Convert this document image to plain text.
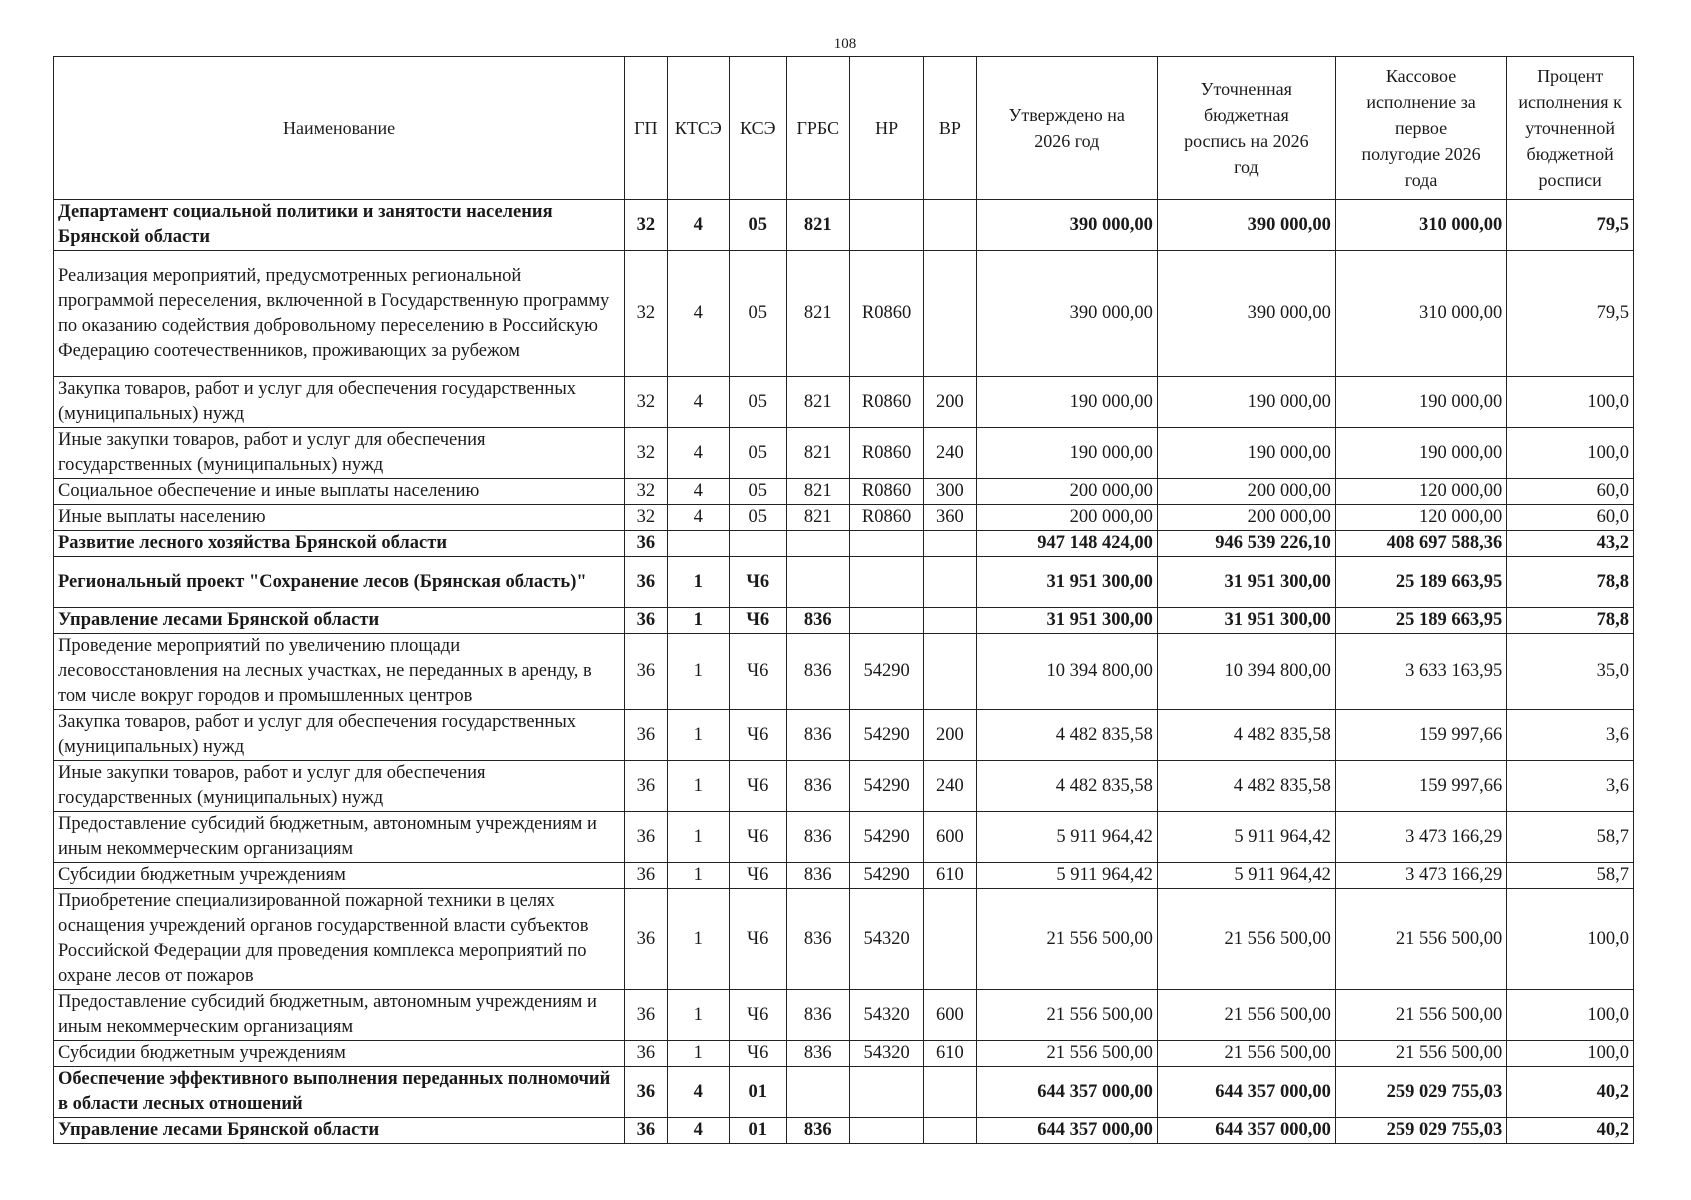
108
Наименование	ГП	КТСЭ	КСЭ	ГРБС	НР	ВР	Утверждено на 2026 год	Уточненная бюджетная роспись на 2026 год	Кассовое исполнение за первое полугодие 2026 года	Процент исполнения к уточненной бюджетной росписи
Департамент социальной политики и занятости населения Брянской области	32	4	05	821			390 000,00	390 000,00	310 000,00	79,5
Реализация мероприятий, предусмотренных региональной программой переселения, включенной в Государственную программу по оказанию содействия добровольному переселению в Российскую Федерацию соотечественников, проживающих за рубежом	32	4	05	821	R0860		390 000,00	390 000,00	310 000,00	79,5
Закупка товаров, работ и услуг для обеспечения государственных (муниципальных) нужд	32	4	05	821	R0860	200	190 000,00	190 000,00	190 000,00	100,0
Иные закупки товаров, работ и услуг для обеспечения государственных (муниципальных) нужд	32	4	05	821	R0860	240	190 000,00	190 000,00	190 000,00	100,0
Социальное обеспечение и иные выплаты населению	32	4	05	821	R0860	300	200 000,00	200 000,00	120 000,00	60,0
Иные выплаты населению	32	4	05	821	R0860	360	200 000,00	200 000,00	120 000,00	60,0
Развитие лесного хозяйства Брянской области	36						947 148 424,00	946 539 226,10	408 697 588,36	43,2
Региональный проект "Сохранение лесов (Брянская область)"	36	1	Ч6				31 951 300,00	31 951 300,00	25 189 663,95	78,8
Управление лесами Брянской области	36	1	Ч6	836			31 951 300,00	31 951 300,00	25 189 663,95	78,8
Проведение мероприятий по увеличению площади лесовосстановления на лесных участках, не переданных в аренду, в том числе вокруг городов и промышленных центров	36	1	Ч6	836	54290		10 394 800,00	10 394 800,00	3 633 163,95	35,0
Закупка товаров, работ и услуг для обеспечения государственных (муниципальных) нужд	36	1	Ч6	836	54290	200	4 482 835,58	4 482 835,58	159 997,66	3,6
Иные закупки товаров, работ и услуг для обеспечения государственных (муниципальных) нужд	36	1	Ч6	836	54290	240	4 482 835,58	4 482 835,58	159 997,66	3,6
Предоставление субсидий бюджетным, автономным учреждениям и иным некоммерческим организациям	36	1	Ч6	836	54290	600	5 911 964,42	5 911 964,42	3 473 166,29	58,7
Субсидии бюджетным учреждениям	36	1	Ч6	836	54290	610	5 911 964,42	5 911 964,42	3 473 166,29	58,7
Приобретение специализированной пожарной техники в целях оснащения учреждений органов государственной власти субъектов Российской Федерации для проведения комплекса мероприятий по охране лесов от пожаров	36	1	Ч6	836	54320		21 556 500,00	21 556 500,00	21 556 500,00	100,0
Предоставление субсидий бюджетным, автономным учреждениям и иным некоммерческим организациям	36	1	Ч6	836	54320	600	21 556 500,00	21 556 500,00	21 556 500,00	100,0
Субсидии бюджетным учреждениям	36	1	Ч6	836	54320	610	21 556 500,00	21 556 500,00	21 556 500,00	100,0
Обеспечение эффективного выполнения переданных полномочий в области лесных отношений	36	4	01				644 357 000,00	644 357 000,00	259 029 755,03	40,2
Управление лесами Брянской области	36	4	01	836			644 357 000,00	644 357 000,00	259 029 755,03	40,2
